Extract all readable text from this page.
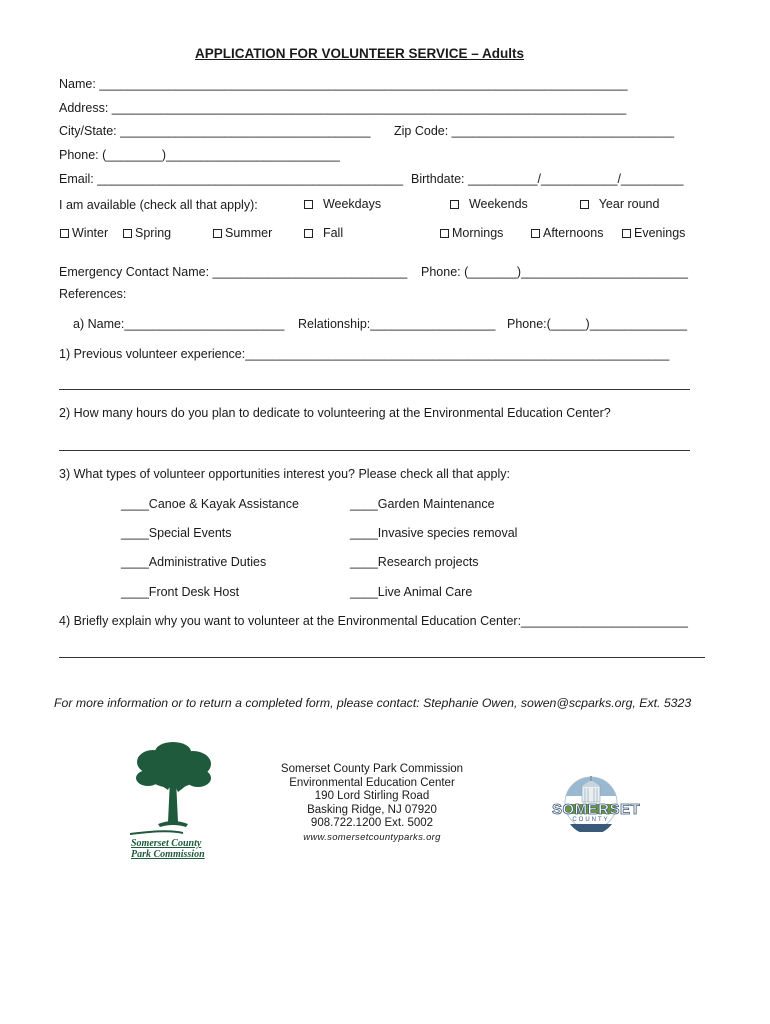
APPLICATION FOR VOLUNTEER SERVICE – Adults
Name: ____________________________________________________________________________
Address: __________________________________________________________________________
City/State: ____________________________________ Zip Code: ________________________________
Phone: (________)_________________________
Email: ____________________________________________ Birthdate: __________/___________/_________
I am available (check all that apply):	Weekdays	Weekends	Year round
Winter	Spring	Summer	Fall	Mornings	Afternoons	Evenings
Emergency Contact Name: ____________________________ Phone: (_______)________________________
References:
a) Name:_______________________ Relationship:__________________ Phone:(_____)______________
1) Previous volunteer experience:_____________________________________________________________
2) How many hours do you plan to dedicate to volunteering at the Environmental Education Center?
3) What types of volunteer opportunities interest you? Please check all that apply:
____Canoe & Kayak Assistance	____Garden Maintenance
____Special Events	____Invasive species removal
____Administrative Duties	____Research projects
____Front Desk Host	____Live Animal Care
4) Briefly explain why you want to volunteer at the Environmental Education Center:________________________
For more information or to return a completed form, please contact: Stephanie Owen, sowen@scparks.org, Ext. 5323
Somerset County
Park Commission
Somerset County Park Commission
Environmental Education Center
190 Lord Stirling Road
Basking Ridge, NJ 07920
908.722.1200 Ext. 5002
www.somersetcountyparks.org
SOMERSET
COUNTY
